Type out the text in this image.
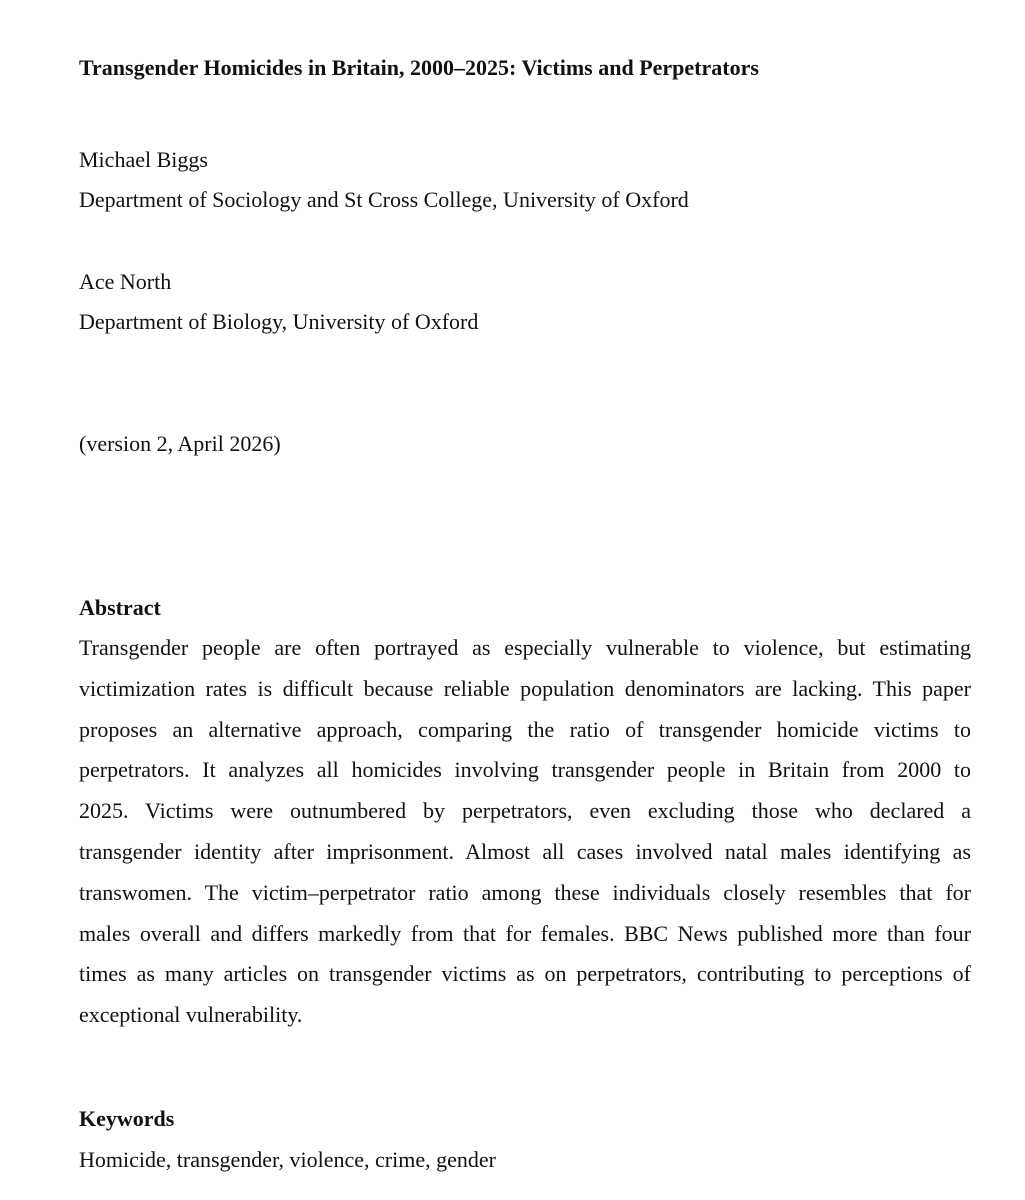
Transgender Homicides in Britain, 2000–2025: Victims and Perpetrators
Michael Biggs
Department of Sociology and St Cross College, University of Oxford
Ace North
Department of Biology, University of Oxford
(version 2, April 2026)
Abstract
Transgender people are often portrayed as especially vulnerable to violence, but estimating
victimization rates is difficult because reliable population denominators are lacking. This paper
proposes an alternative approach, comparing the ratio of transgender homicide victims to
perpetrators. It analyzes all homicides involving transgender people in Britain from 2000 to
2025. Victims were outnumbered by perpetrators, even excluding those who declared a
transgender identity after imprisonment. Almost all cases involved natal males identifying as
transwomen. The victim–perpetrator ratio among these individuals closely resembles that for
males overall and differs markedly from that for females. BBC News published more than four
times as many articles on transgender victims as on perpetrators, contributing to perceptions of
exceptional vulnerability.
Keywords
Homicide, transgender, violence, crime, gender
